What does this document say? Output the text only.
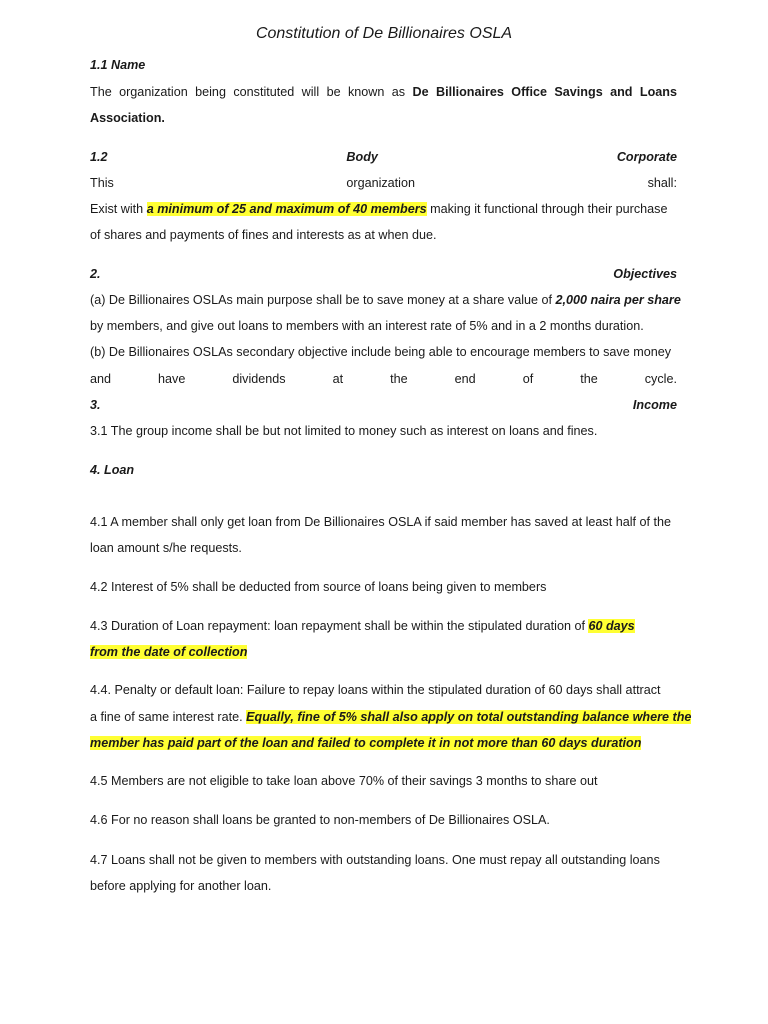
Constitution of De Billionaires OSLA
1.1 Name
The organization being constituted will be known as De Billionaires Office Savings and Loans
Association.
1.2	Body	Corporate
This	organization	shall:
Exist with a minimum of 25 and maximum of 40 members making it functional through their purchase
of shares and payments of fines and interests as at when due.
2.	Objectives
(a) De Billionaires OSLAs main purpose shall be to save money at a share value of 2,000 naira per share
by members, and give out loans to members with an interest rate of 5% and in a 2 months duration.
(b) De Billionaires OSLAs secondary objective include being able to encourage members to save money
and	have	dividends	at	the	end	of	the	cycle.
3.	Income
3.1 The group income shall be but not limited to money such as interest on loans and fines.
4. Loan
4.1 A member shall only get loan from De Billionaires OSLA if said member has saved at least half of the
loan amount s/he requests.
4.2 Interest of 5% shall be deducted from source of loans being given to members
4.3 Duration of Loan repayment: loan repayment shall be within the stipulated duration of 60 days
from the date of collection
4.4. Penalty or default loan: Failure to repay loans within the stipulated duration of 60 days shall attract
a fine of same interest rate. Equally, fine of 5% shall also apply on total outstanding balance where the
member has paid part of the loan and failed to complete it in not more than 60 days duration
4.5 Members are not eligible to take loan above 70% of their savings 3 months to share out
4.6 For no reason shall loans be granted to non-members of De Billionaires OSLA.
4.7 Loans shall not be given to members with outstanding loans. One must repay all outstanding loans
before applying for another loan.
